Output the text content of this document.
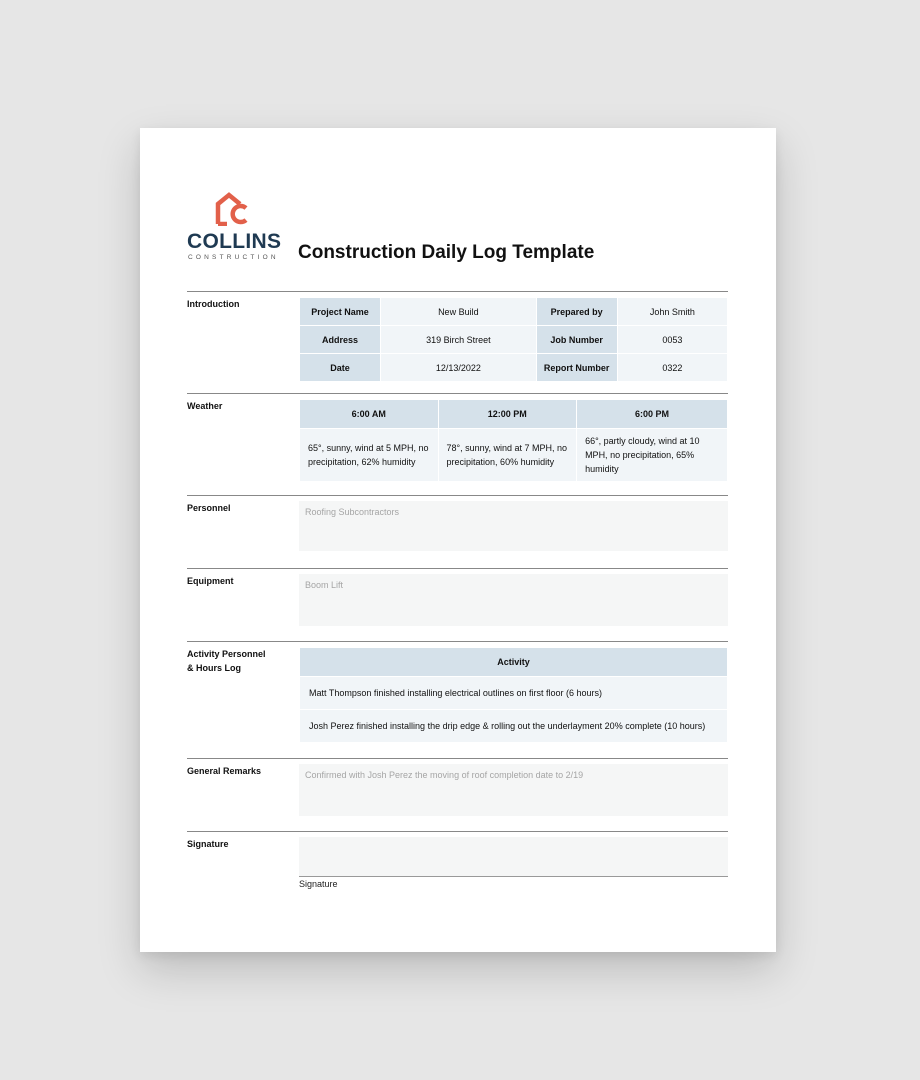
COLLINS
CONSTRUCTION Construction Daily Log Template
Introduction
Project Name	New Build	Prepared by	John Smith
Address	319 Birch Street	Job Number	0053
Date	12/13/2022	Report Number	0322
Weather
6:00 AM	12:00 PM	6:00 PM
65°, sunny, wind at 5 MPH, no precipitation, 62% humidity	78°, sunny, wind at 7 MPH, no precipitation, 60% humidity	66°, partly cloudy, wind at 10 MPH, no precipitation, 65% humidity
Personnel	Roofing Subcontractors
Equipment	Boom Lift
Activity Personnel
& Hours Log
Activity
Matt Thompson finished installing electrical outlines on first floor (6 hours)
Josh Perez finished installing the drip edge & rolling out the underlayment 20% complete (10 hours)
General Remarks	Confirmed with Josh Perez the moving of roof completion date to 2/19
Signature
Signature
